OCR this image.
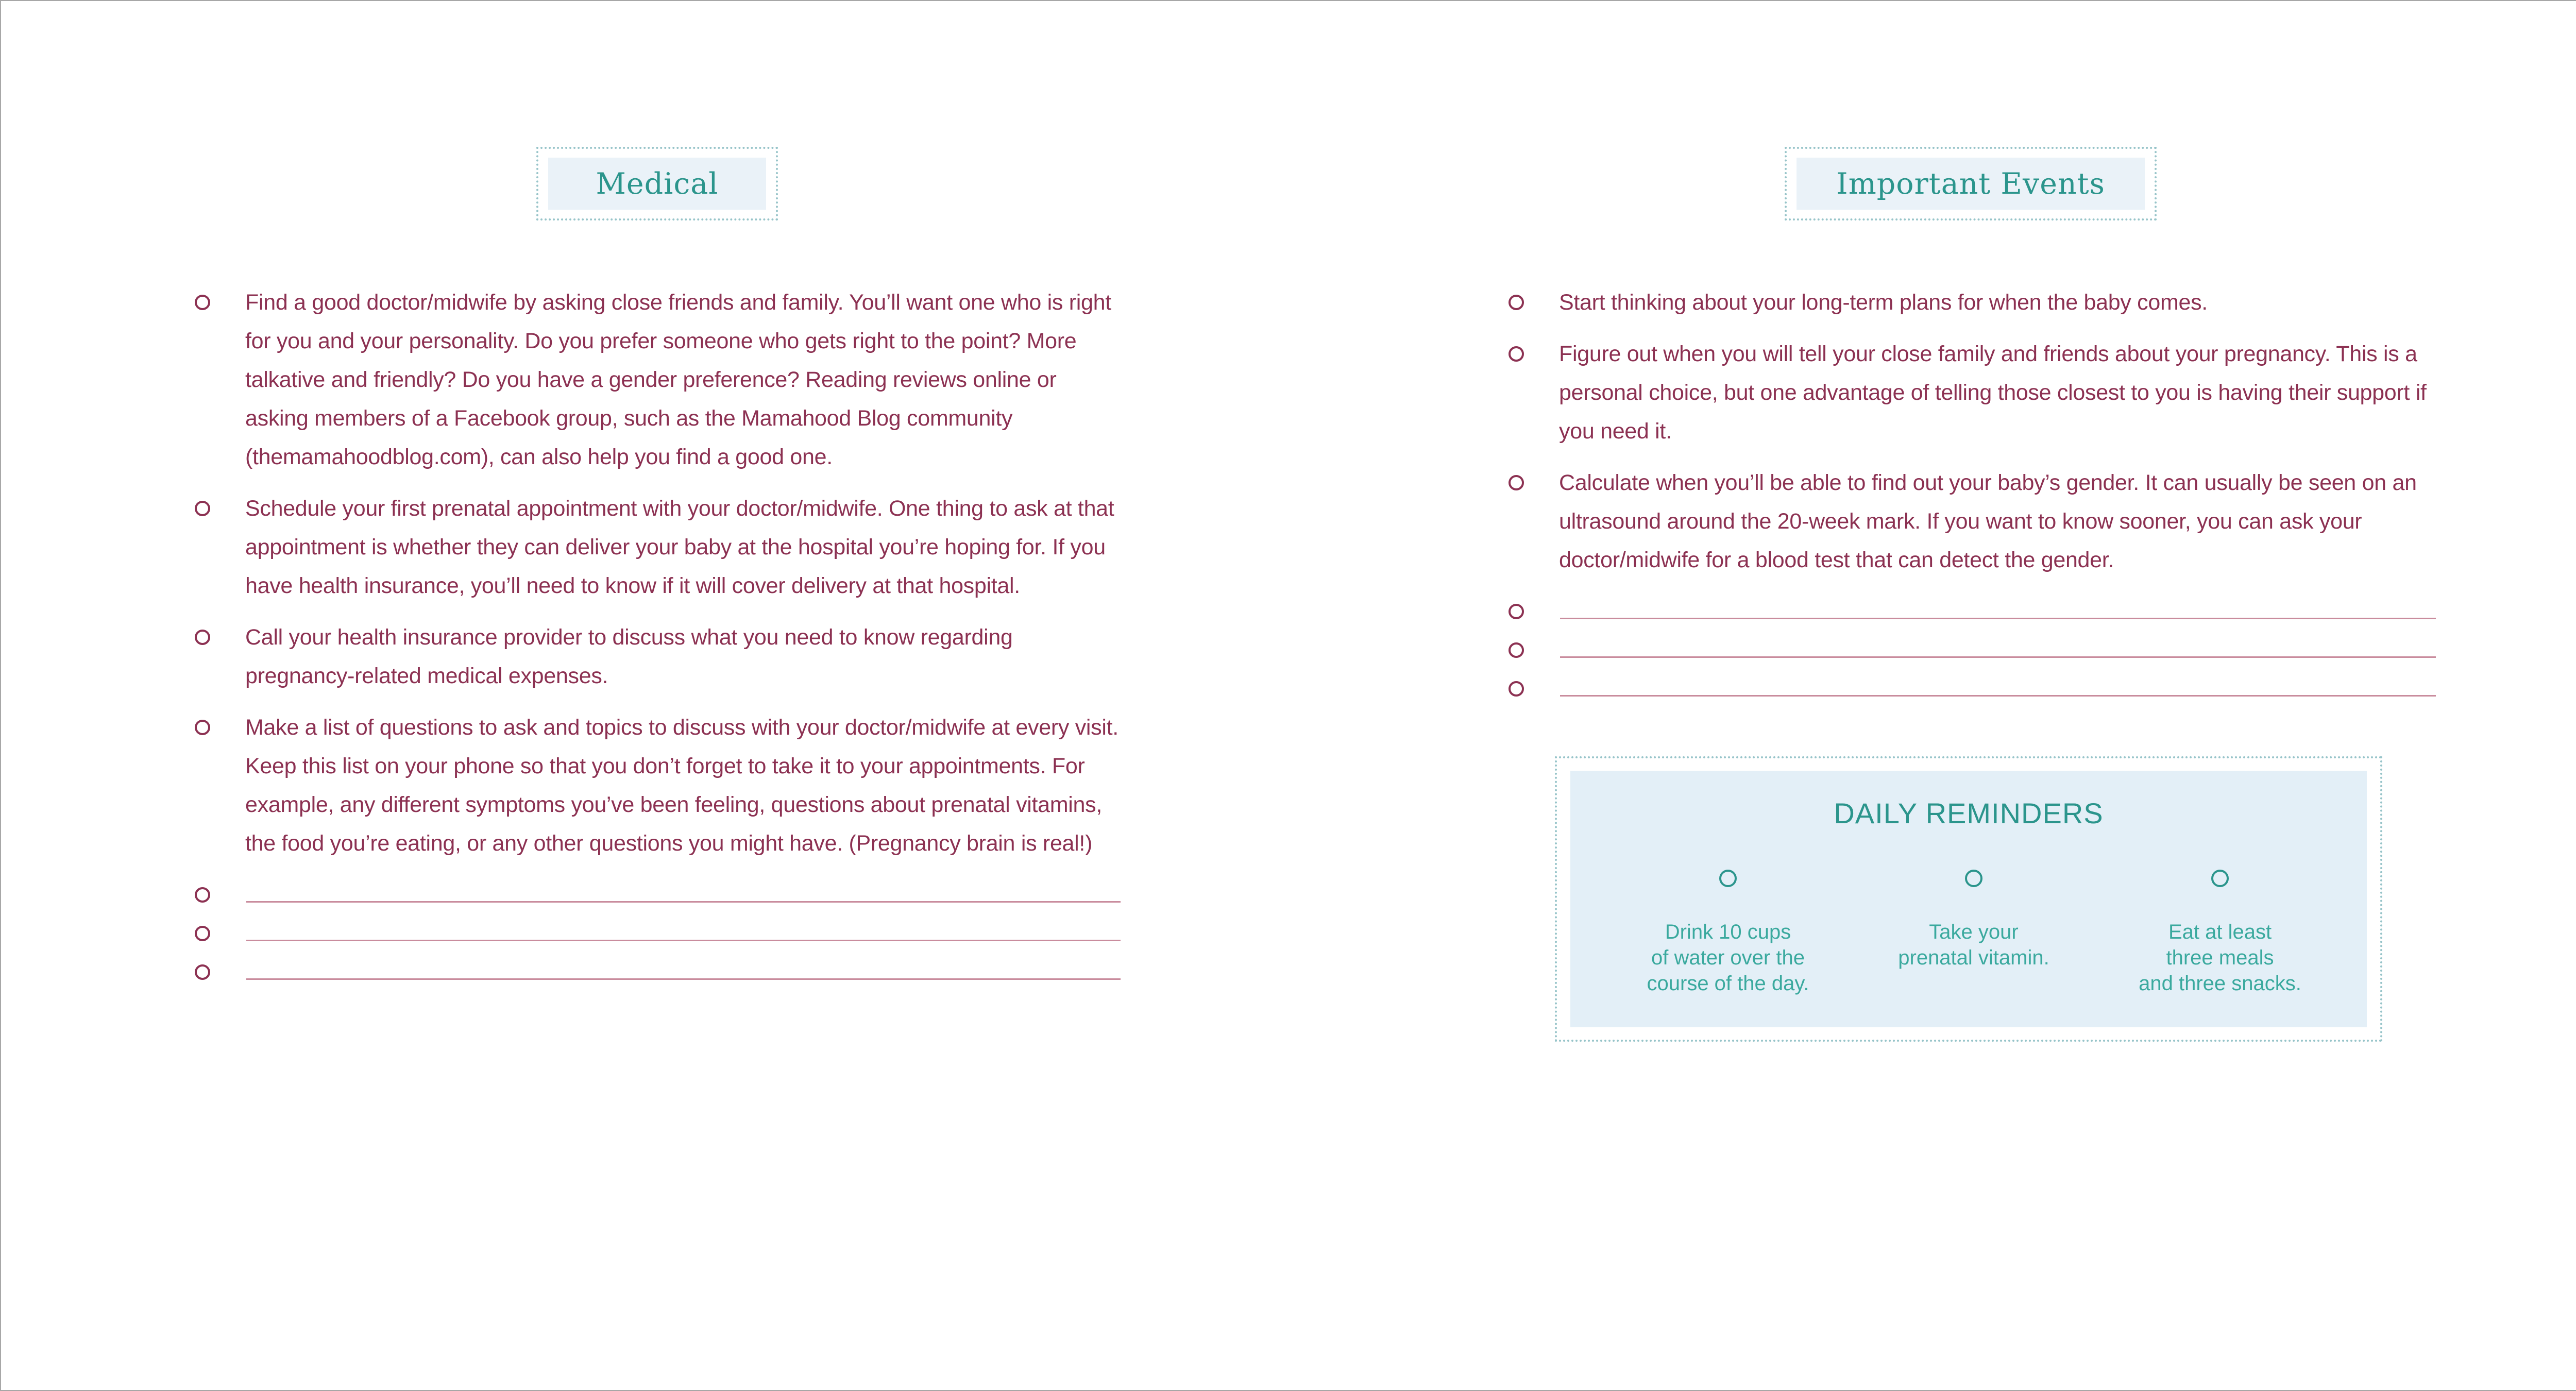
Medical
Find a good doctor/midwife by asking close friends and family. You’ll want one who is right for you and your personality. Do you prefer someone who gets right to the point? More talkative and friendly? Do you have a gender preference? Reading reviews online or asking members of a Facebook group, such as the Mamahood Blog community (themamahoodblog.com), can also help you find a good one.
Schedule your first prenatal appointment with your doctor/midwife. One thing to ask at that appointment is whether they can deliver your baby at the hospital you’re hoping for. If you have health insurance, you’ll need to know if it will cover delivery at that hospital.
Call your health insurance provider to discuss what you need to know regarding pregnancy-related medical expenses.
Make a list of questions to ask and topics to discuss with your doctor/midwife at every visit. Keep this list on your phone so that you don’t forget to take it to your appointments. For example, any different symptoms you’ve been feeling, questions about prenatal vitamins, the food you’re eating, or any other questions you might have. (Pregnancy brain is real!)
Important Events
Start thinking about your long-term plans for when the baby comes.
Figure out when you will tell your close family and friends about your pregnancy. This is a personal choice, but one advantage of telling those closest to you is having their support if you need it.
Calculate when you’ll be able to find out your baby’s gender. It can usually be seen on an ultrasound around the 20-week mark. If you want to know sooner, you can ask your doctor/midwife for a blood test that can detect the gender.
DAILY REMINDERS
Drink 10 cups
of water over the
course of the day.
Take your
prenatal vitamin.
Eat at least
three meals
and three snacks.
